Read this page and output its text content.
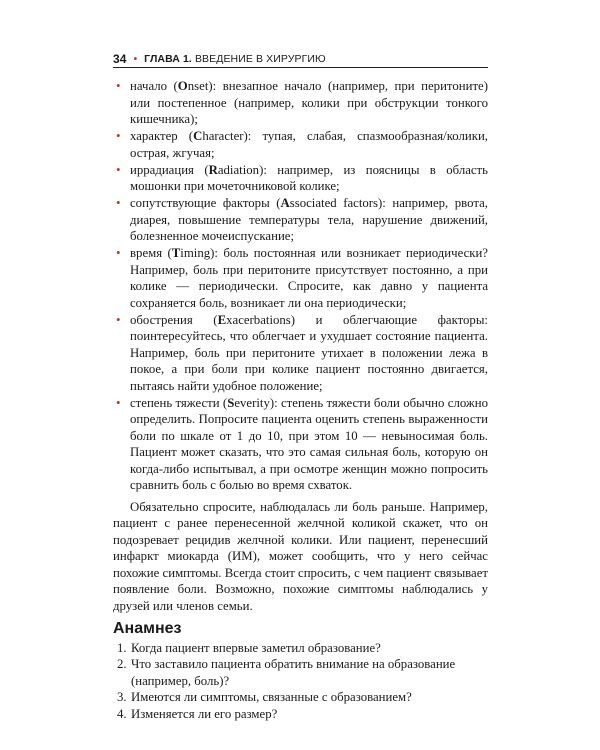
34 • ГЛАВА 1. ВВЕДЕНИЕ В ХИРУРГИЮ
• начало (Onset): внезапное начало (например, при перитоните) или постепенное (например, колики при обструкции тонкого кишечника);
• характер (Character): тупая, слабая, спазмообразная/колики, острая, жгучая;
• иррадиация (Radiation): например, из поясницы в область мошонки при мочеточниковой колике;
• сопутствующие факторы (Associated factors): например, рвота, диарея, повышение температуры тела, нарушение движений, болезненное мочеиспускание;
• время (Timing): боль постоянная или возникает периодически? Например, боль при перитоните присутствует постоянно, а при колике — периодически. Спросите, как давно у пациента сохраняется боль, возникает ли она периодически;
• обострения (Exacerbations) и облегчающие факторы: поинтересуйтесь, что облегчает и ухудшает состояние пациента. Например, боль при перитоните утихает в положении лежа в покое, а при боли при колике пациент постоянно двигается, пытаясь найти удобное положение;
• степень тяжести (Severity): степень тяжести боли обычно сложно определить. Попросите пациента оценить степень выраженности боли по шкале от 1 до 10, при этом 10 — невыносимая боль. Пациент может сказать, что это самая сильная боль, которую он когда-либо испытывал, а при осмотре женщин можно попросить сравнить боль с болью во время схваток.

Обязательно спросите, наблюдалась ли боль раньше. Например, пациент с ранее перенесенной желчной коликой скажет, что он подозревает рецидив желчной колики. Или пациент, перенесший инфаркт миокарда (ИМ), может сообщить, что у него сейчас похожие симптомы. Всегда стоит спросить, с чем пациент связывает появление боли. Возможно, похожие симптомы наблюдались у друзей или членов семьи.

Анамнез
1. Когда пациент впервые заметил образование?
2. Что заставило пациента обратить внимание на образование (например, боль)?
3. Имеются ли симптомы, связанные с образованием?
4. Изменяется ли его размер?
